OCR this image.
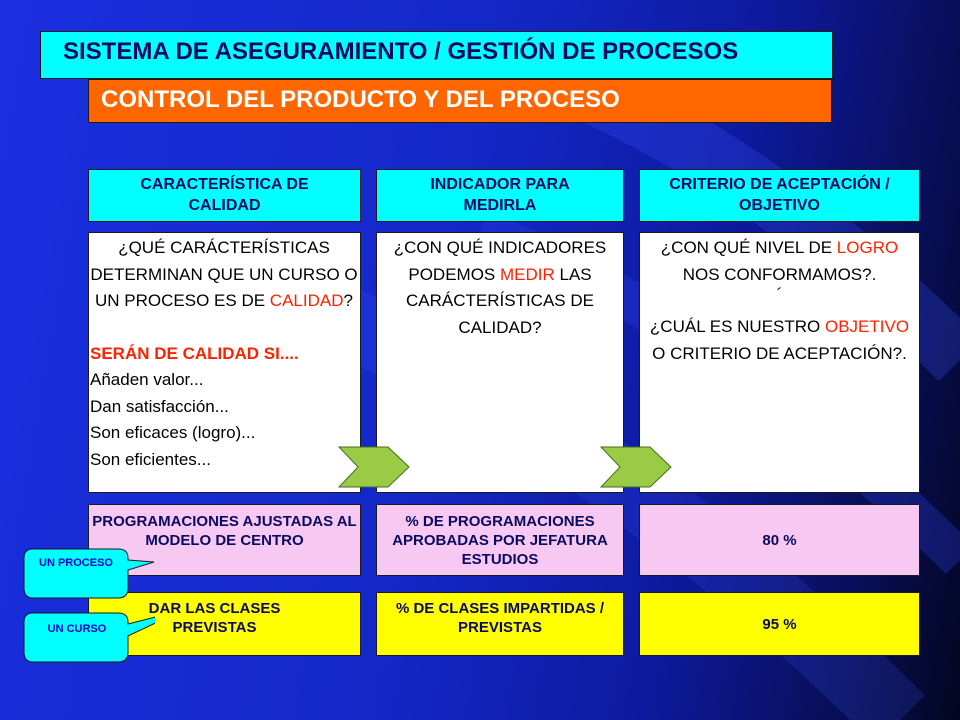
SISTEMA DE ASEGURAMIENTO / GESTIÓN DE PROCESOS
CONTROL DEL PRODUCTO Y DEL PROCESO
CARACTERÍSTICA DE CALIDAD
INDICADOR PARA MEDIRLA
CRITERIO DE ACEPTACIÓN / OBJETIVO
¿QUÉ CARÁCTERÍSTICAS DETERMINAN QUE UN CURSO O UN PROCESO ES DE CALIDAD?
SERÁN DE CALIDAD SI....
Añaden valor...
Dan satisfacción...
Son eficaces (logro)...
Son eficientes...
¿CON QUÉ INDICADORES PODEMOS MEDIR LAS CARÁCTERÍSTICAS DE CALIDAD?
¿CON QUÉ NIVEL DE LOGRO NOS CONFORMAMOS?.
´
¿CUÁL ES NUESTRO OBJETIVO O CRITERIO DE ACEPTACIÓN?.
PROGRAMACIONES AJUSTADAS AL MODELO DE CENTRO
% DE PROGRAMACIONES APROBADAS POR JEFATURA ESTUDIOS
80 %
DAR LAS CLASES PREVISTAS
% DE CLASES IMPARTIDAS / PREVISTAS	95 %
UN PROCESO
UN CURSO
